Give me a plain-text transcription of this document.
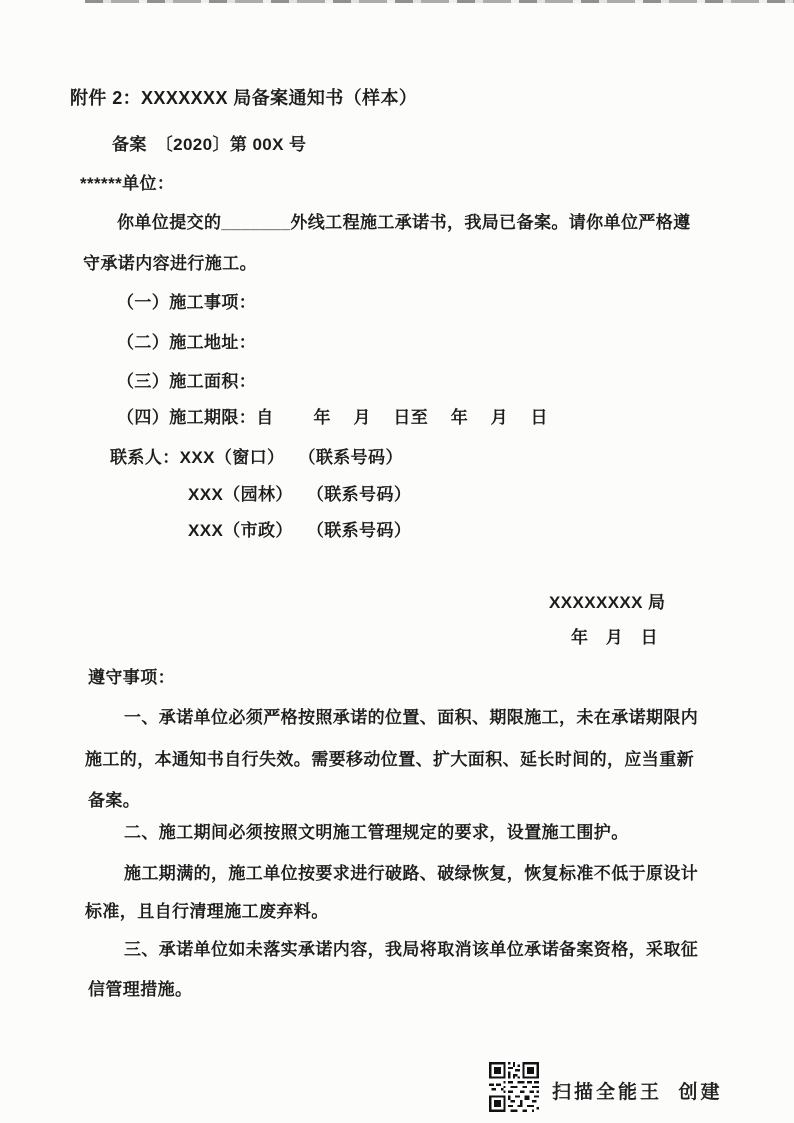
附件 2：XXXXXXX 局备案通知书（样本）
备案　〔2020〕第 00X 号
******单位：
你单位提交的_______外线工程施工承诺书，我局已备案。请你单位严格遵
守承诺内容进行施工。
（一）施工事项：
（二）施工地址：
（三）施工面积：
（四）施工期限：自　　 年　 月　 日至　 年　 月　 日
联系人：XXX（窗口）　 （联系号码）
XXX（园林）　 （联系号码）
XXX（市政）　 （联系号码）
XXXXXXXX 局
年　月　日
遵守事项：
一、承诺单位必须严格按照承诺的位置、面积、期限施工，未在承诺期限内
施工的，本通知书自行失效。需要移动位置、扩大面积、延长时间的，应当重新
备案。
二、施工期间必须按照文明施工管理规定的要求，设置施工围护。
施工期满的，施工单位按要求进行破路、破绿恢复，恢复标准不低于原设计
标准，且自行清理施工废弃料。
三、承诺单位如未落实承诺内容，我局将取消该单位承诺备案资格，采取征
信管理措施。
扫描全能王  创建
